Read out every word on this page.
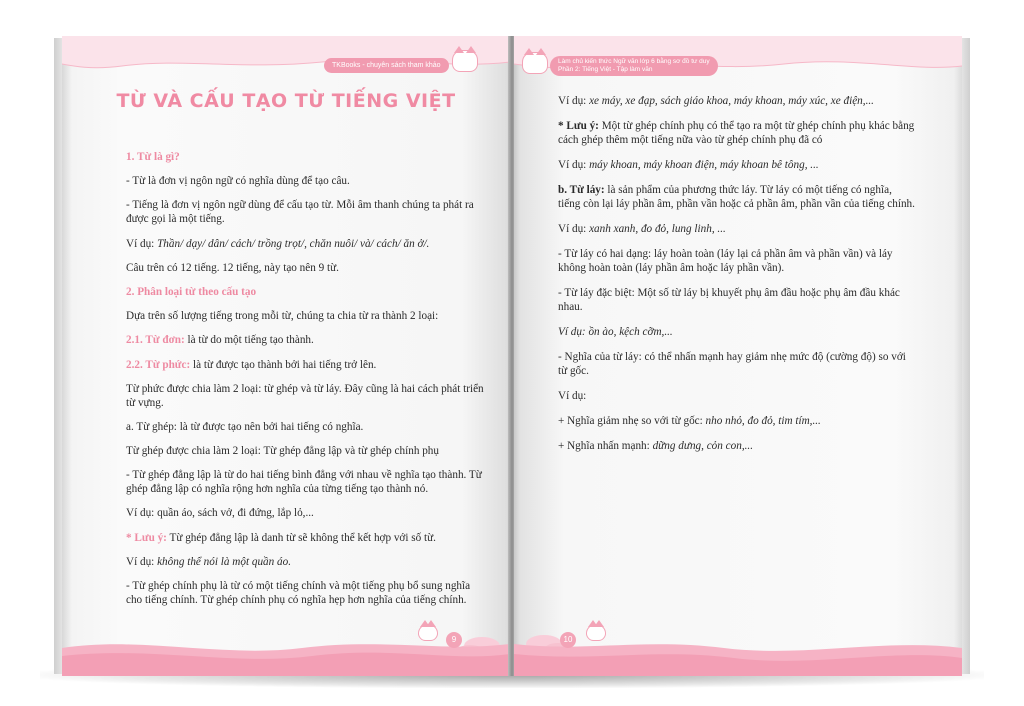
TKBooks - chuyên sách tham khảo
TỪ VÀ CẤU TẠO TỪ TIẾNG VIỆT

1. Từ là gì?

- Từ là đơn vị ngôn ngữ có nghĩa dùng để tạo câu.

- Tiếng là đơn vị ngôn ngữ dùng để cấu tạo từ. Mỗi âm thanh chúng ta phát ra được gọi là một tiếng.

Ví dụ: Thần/ dạy/ dân/ cách/ trồng trọt/, chăn nuôi/ và/ cách/ ăn ở/.

Câu trên có 12 tiếng. 12 tiếng, này tạo nên 9 từ.

2. Phân loại từ theo cấu tạo

Dựa trên số lượng tiếng trong mỗi từ, chúng ta chia từ ra thành 2 loại:

2.1. Từ đơn: là từ do một tiếng tạo thành.

2.2. Từ phức: là từ được tạo thành bởi hai tiếng trở lên.

Từ phức được chia làm 2 loại: từ ghép và từ láy. Đây cũng là hai cách phát triển từ vựng.

a. Từ ghép: là từ được tạo nên bởi hai tiếng có nghĩa.

Từ ghép được chia làm 2 loại: Từ ghép đẳng lập và từ ghép chính phụ

- Từ ghép đẳng lập là từ do hai tiếng bình đẳng với nhau về nghĩa tạo thành. Từ ghép đẳng lập có nghĩa rộng hơn nghĩa của từng tiếng tạo thành nó.

Ví dụ: quần áo, sách vở, đi đứng, lắp lỏ,...

* Lưu ý: Từ ghép đẳng lập là danh từ sẽ không thể kết hợp với số từ.

Ví dụ: không thể nói là một quần áo.

- Từ ghép chính phụ là từ có một tiếng chính và một tiếng phụ bổ sung nghĩa cho tiếng chính. Từ ghép chính phụ có nghĩa hẹp hơn nghĩa của tiếng chính.

9
Làm chủ kiến thức Ngữ văn lớp 6 bằng sơ đồ tư duy
Phần 2: Tiếng Việt - Tập làm văn

Ví dụ: xe máy, xe đạp, sách giáo khoa, máy khoan, máy xúc, xe điện,...

* Lưu ý: Một từ ghép chính phụ có thể tạo ra một từ ghép chính phụ khác bằng cách ghép thêm một tiếng nữa vào từ ghép chính phụ đã có

Ví dụ: máy khoan, máy khoan điện, máy khoan bê tông, ...

b. Từ láy: là sản phẩm của phương thức láy. Từ láy có một tiếng có nghĩa, tiếng còn lại láy phần âm, phần vần hoặc cả phần âm, phần vần của tiếng chính.

Ví dụ: xanh xanh, đo đỏ, lung linh, ...

- Từ láy có hai dạng: láy hoàn toàn (láy lại cả phần âm và phần vần) và láy không hoàn toàn (láy phần âm hoặc láy phần vần).

- Từ láy đặc biệt: Một số từ láy bị khuyết phụ âm đầu hoặc phụ âm đầu khác nhau.

Ví dụ: ồn ào, kệch cỡm,...

- Nghĩa của từ láy: có thể nhấn mạnh hay giảm nhẹ mức độ (cường độ) so với từ gốc.

Ví dụ:

+ Nghĩa giảm nhẹ so với từ gốc: nho nhỏ, đo đỏ, tim tím,...

+ Nghĩa nhấn mạnh: dững dưng, cỏn con,...

10
